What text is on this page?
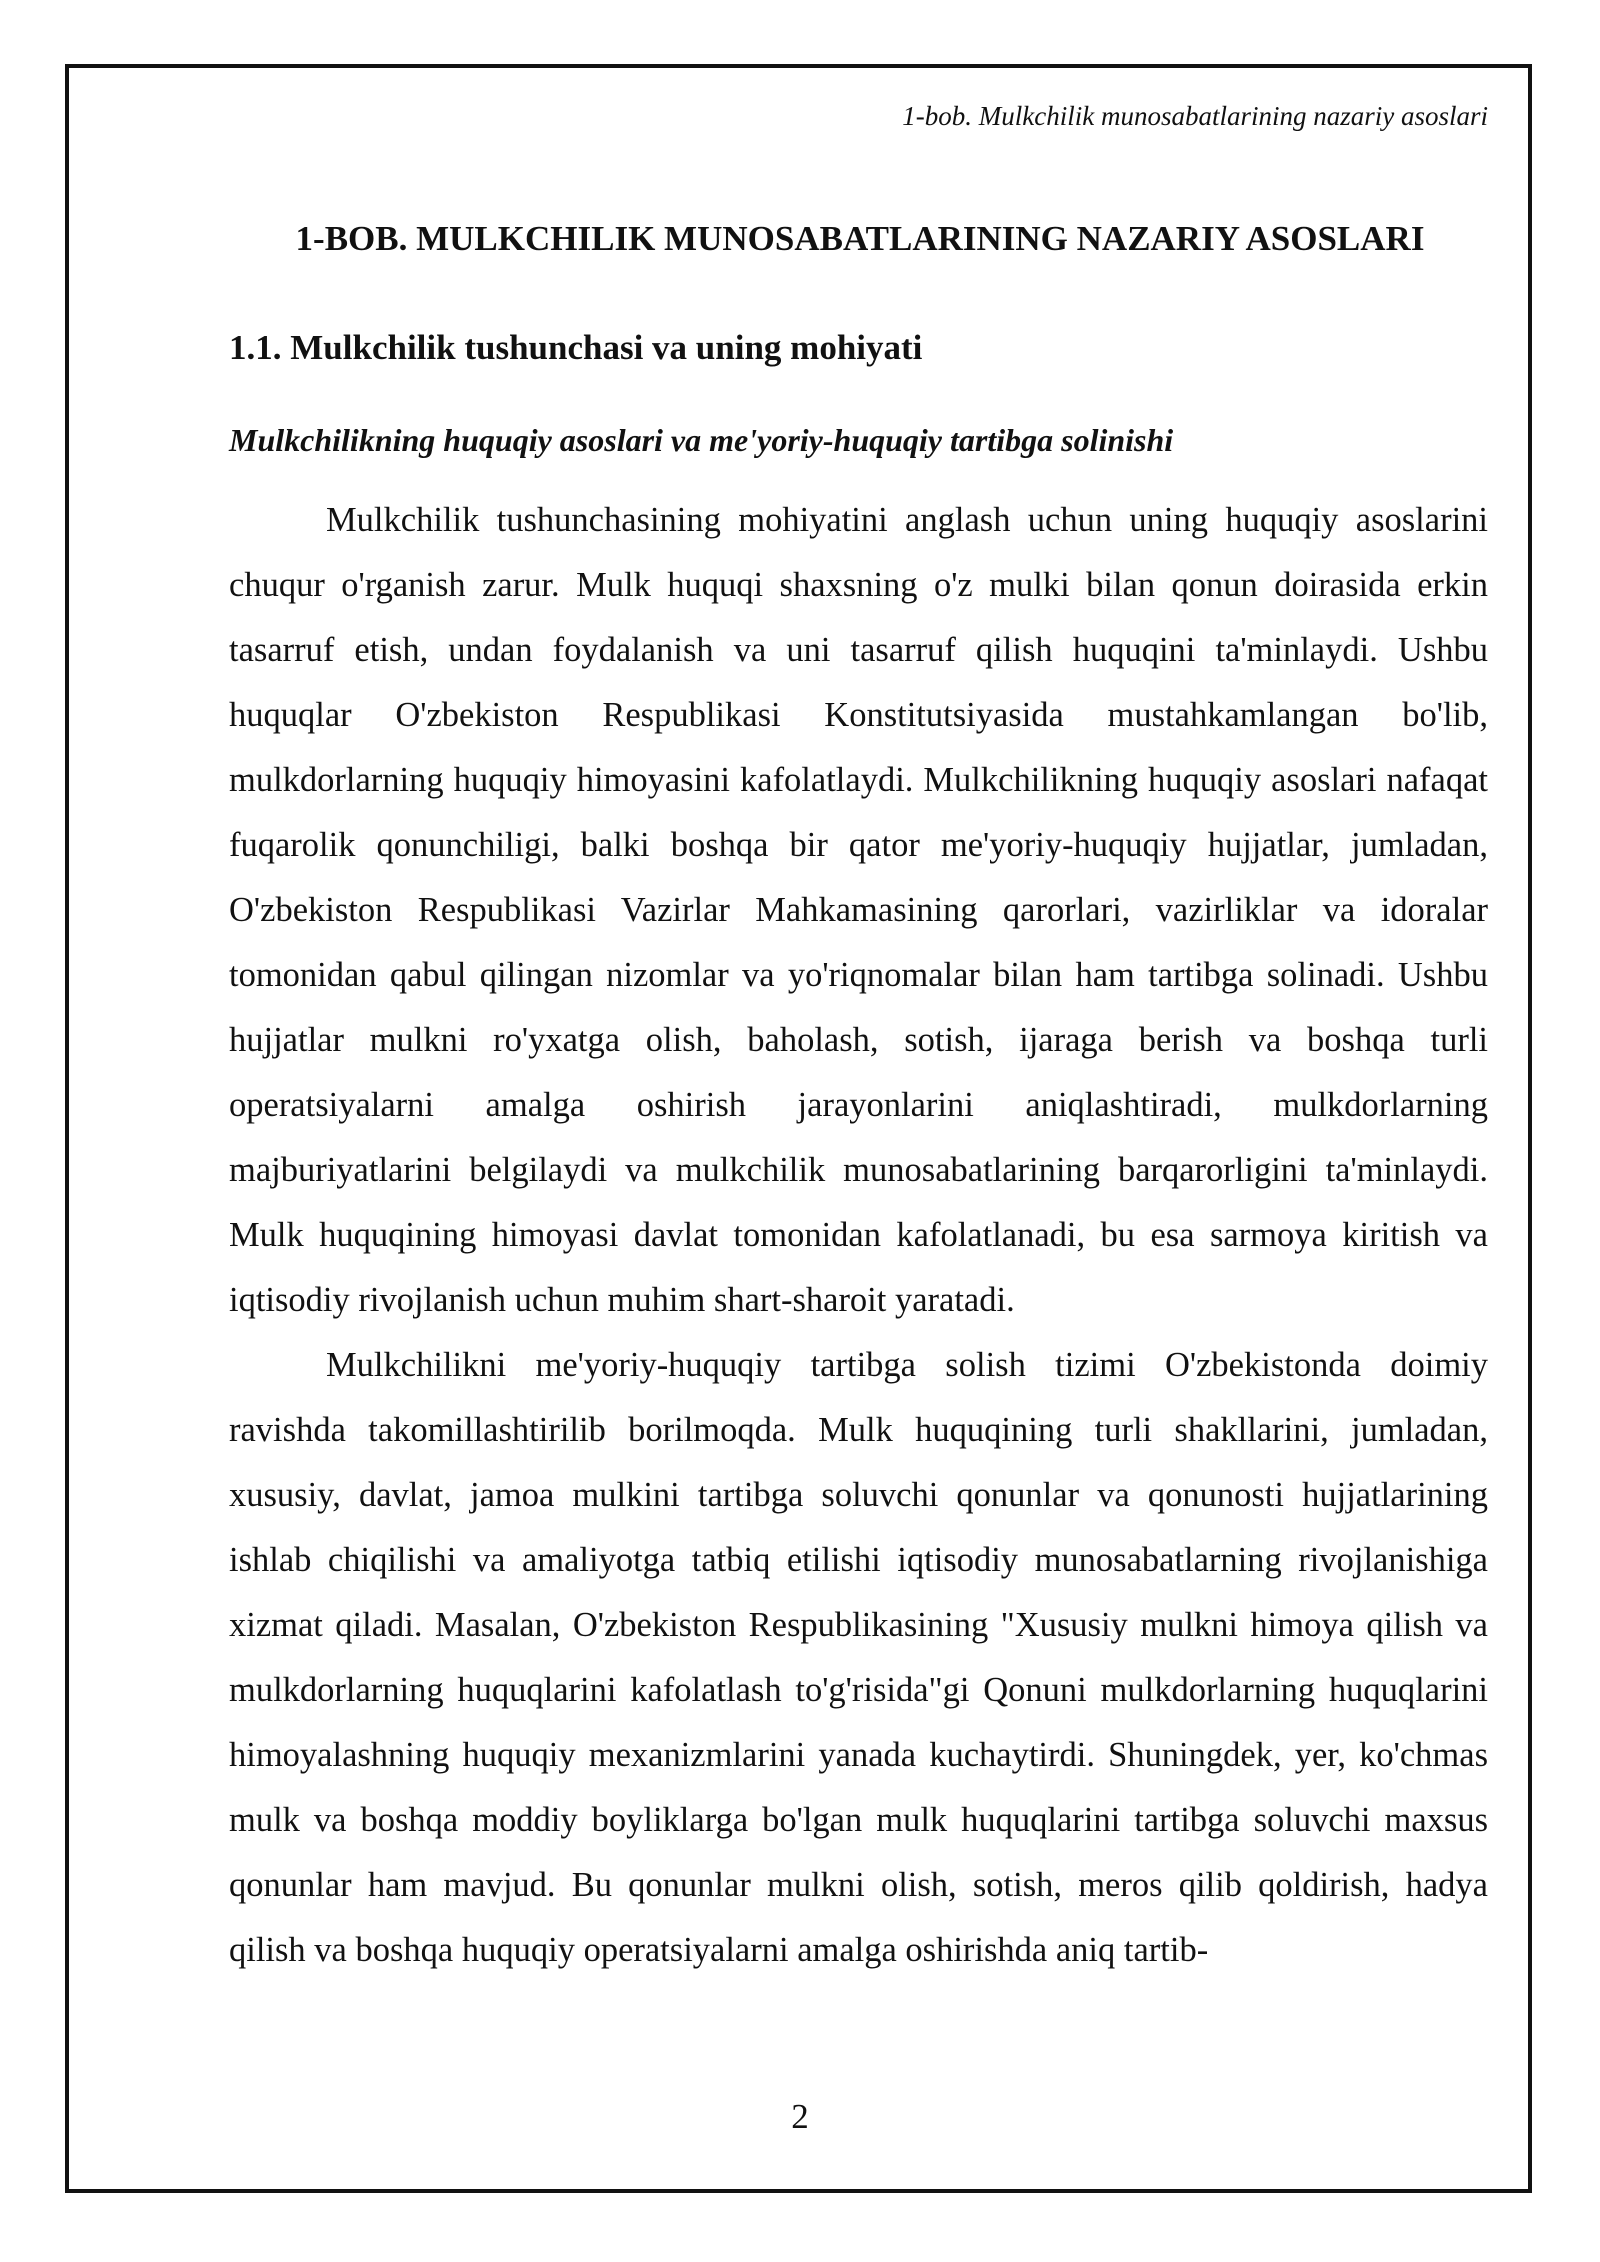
1-bob. Mulkchilik munosabatlarining nazariy asoslari
1-BOB. MULKCHILIK MUNOSABATLARINING NAZARIY ASOSLARI
1.1. Mulkchilik tushunchasi va uning mohiyati
Mulkchilikning huquqiy asoslari va me'yoriy-huquqiy tartibga solinishi

Mulkchilik tushunchasining mohiyatini anglash uchun uning huquqiy asoslarini chuqur o'rganish zarur. Mulk huquqi shaxsning o'z mulki bilan qonun doirasida erkin tasarruf etish, undan foydalanish va uni tasarruf qilish huquqini ta'minlaydi. Ushbu huquqlar O'zbekiston Respublikasi Konstitutsiyasida mustahkamlangan bo'lib, mulkdorlarning huquqiy himoyasini kafolatlaydi. Mulkchilikning huquqiy asoslari nafaqat fuqarolik qonunchiligi, balki boshqa bir qator me'yoriy-huquqiy hujjatlar, jumladan, O'zbekiston Respublikasi Vazirlar Mahkamasining qarorlari, vazirliklar va idoralar tomonidan qabul qilingan nizomlar va yo'riqnomalar bilan ham tartibga solinadi. Ushbu hujjatlar mulkni ro'yxatga olish, baholash, sotish, ijaraga berish va boshqa turli operatsiyalarni amalga oshirish jarayonlarini aniqlashtiradi, mulkdorlarning majburiyatlarini belgilaydi va mulkchilik munosabatlarining barqarorligini ta'minlaydi. Mulk huquqining himoyasi davlat tomonidan kafolatlanadi, bu esa sarmoya kiritish va iqtisodiy rivojlanish uchun muhim shart-sharoit yaratadi.

Mulkchilikni me'yoriy-huquqiy tartibga solish tizimi O'zbekistonda doimiy ravishda takomillashtirilib borilmoqda. Mulk huquqining turli shakllarini, jumladan, xususiy, davlat, jamoa mulkini tartibga soluvchi qonunlar va qonunosti hujjatlarining ishlab chiqilishi va amaliyotga tatbiq etilishi iqtisodiy munosabatlarning rivojlanishiga xizmat qiladi. Masalan, O'zbekiston Respublikasining "Xususiy mulkni himoya qilish va mulkdorlarning huquqlarini kafolatlash to'g'risida"gi Qonuni mulkdorlarning huquqlarini himoyalashning huquqiy mexanizmlarini yanada kuchaytirdi. Shuningdek, yer, ko'chmas mulk va boshqa moddiy boyliklarga bo'lgan mulk huquqlarini tartibga soluvchi maxsus qonunlar ham mavjud. Bu qonunlar mulkni olish, sotish, meros qilib qoldirish, hadya qilish va boshqa huquqiy operatsiyalarni amalga oshirishda aniq tartib-

2
